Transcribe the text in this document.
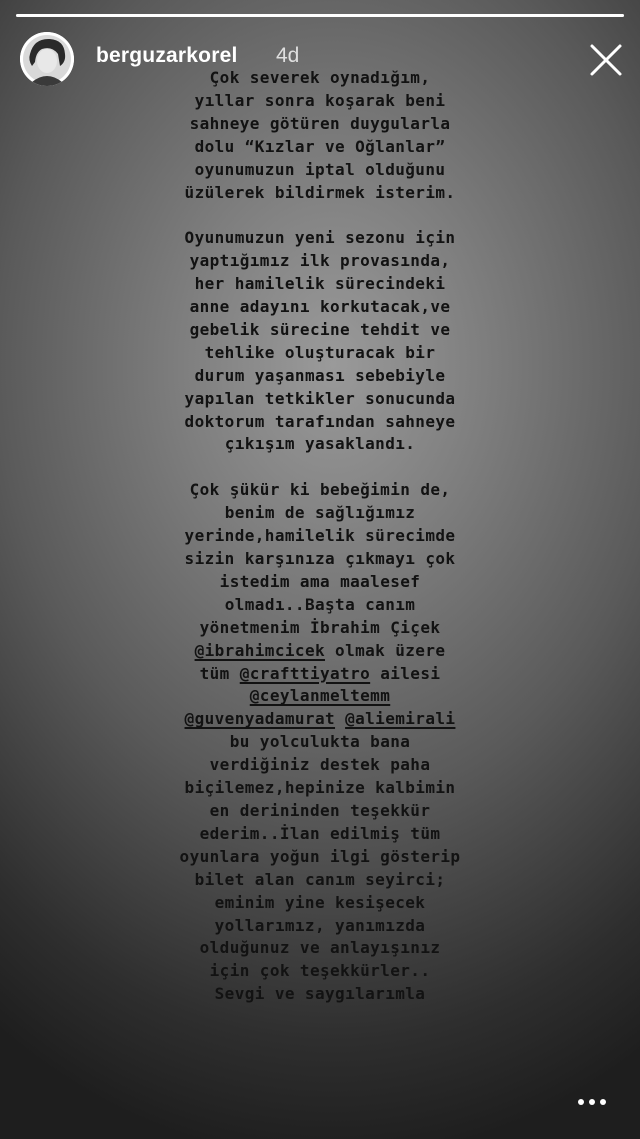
berguzarkorel 4d
Çok severek oynadığım,
yıllar sonra koşarak beni
sahneye götüren duygularla
dolu “Kızlar ve Oğlanlar”
oyunumuzun iptal olduğunu
üzülerek bildirmek isterim.
Oyunumuzun yeni sezonu için
yaptığımız ilk provasında,
her hamilelik sürecindeki
anne adayını korkutacak,ve
gebelik sürecine tehdit ve
tehlike oluşturacak bir
durum yaşanması sebebiyle
yapılan tetkikler sonucunda
doktorum tarafından sahneye
çıkışım yasaklandı.
Çok şükür ki bebeğimin de,
benim de sağlığımız
yerinde,hamilelik sürecimde
sizin karşınıza çıkmayı çok
istedim ama maalesef
olmadı..Başta canım
yönetmenim İbrahim Çiçek
@ibrahimcicek olmak üzere
tüm @crafttiyatro ailesi
@ceylanmeltemm
@guvenyadamurat @aliemirali
bu yolculukta bana
verdiğiniz destek paha
biçilemez,hepinize kalbimin
en derininden teşekkür
ederim..İlan edilmiş tüm
oyunlara yoğun ilgi gösterip
bilet alan canım seyirci;
eminim yine kesişecek
yollarımız, yanımızda
olduğunuz ve anlayışınız
için çok teşekkürler..
Sevgi ve saygılarımla
